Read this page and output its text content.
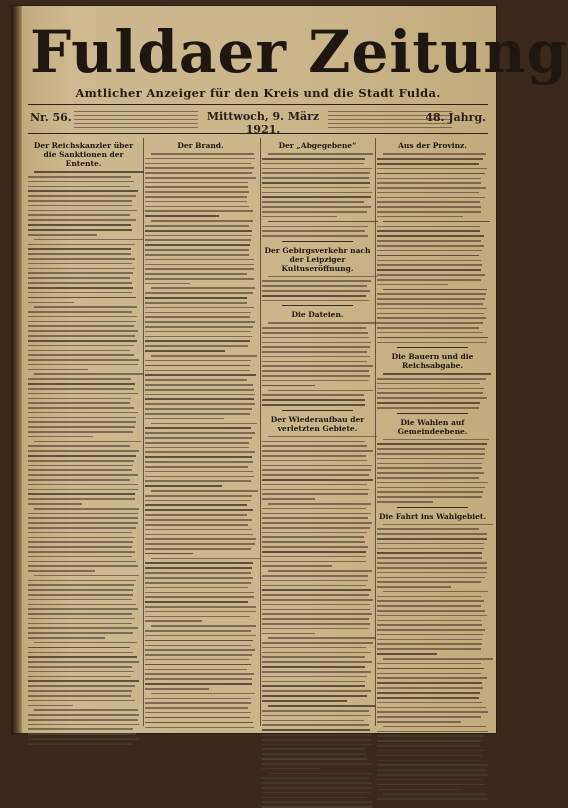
Fuldaer Zeitung
Amtlicher Anzeiger für den Kreis und die Stadt Fulda.
Nr. 56.	Mittwoch, 9. März 1921.
48. Jahrg.
Der Reichskanzler über die Sanktionen der Entente.
Der Brand.	Der „Abgegebene“
Der Gebirgsverkehr nach der Leipziger Kultuseröffnung.
Die Dateien.
Der Wiederaufbau der verletzten Gebiete.
Aus der Provinz.
Die Bauern und die Reichsabgabe.
Die Wahlen auf Gemeindeebene.
Die Fahrt ins Wahlgebiet.
